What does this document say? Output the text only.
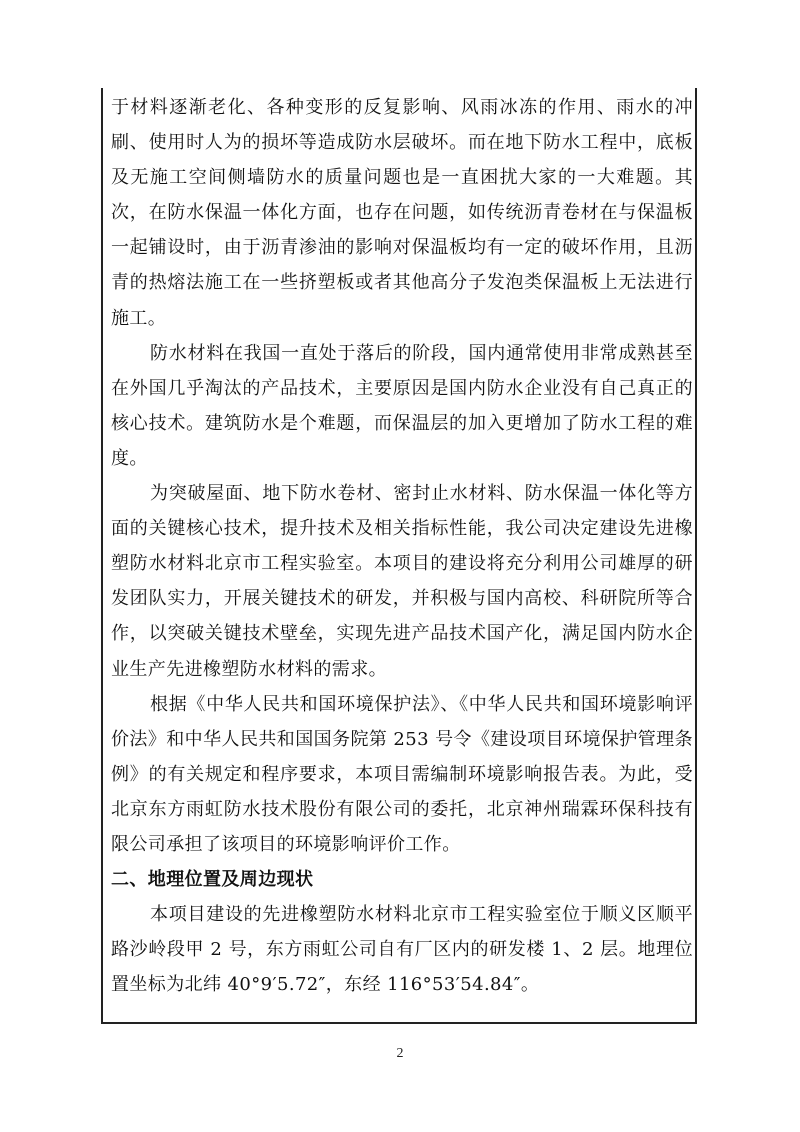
于材料逐渐老化、各种变形的反复影响、风雨冰冻的作用、雨水的冲刷、使用时人为的损坏等造成防水层破坏。而在地下防水工程中，底板及无施工空间侧墙防水的质量问题也是一直困扰大家的一大难题。其次，在防水保温一体化方面，也存在问题，如传统沥青卷材在与保温板一起铺设时，由于沥青渗油的影响对保温板均有一定的破坏作用，且沥青的热熔法施工在一些挤塑板或者其他高分子发泡类保温板上无法进行施工。

防水材料在我国一直处于落后的阶段，国内通常使用非常成熟甚至在外国几乎淘汰的产品技术，主要原因是国内防水企业没有自己真正的核心技术。建筑防水是个难题，而保温层的加入更增加了防水工程的难度。

为突破屋面、地下防水卷材、密封止水材料、防水保温一体化等方面的关键核心技术，提升技术及相关指标性能，我公司决定建设先进橡塑防水材料北京市工程实验室。本项目的建设将充分利用公司雄厚的研发团队实力，开展关键技术的研发，并积极与国内高校、科研院所等合作，以突破关键技术壁垒，实现先进产品技术国产化，满足国内防水企业生产先进橡塑防水材料的需求。

根据《中华人民共和国环境保护法》、《中华人民共和国环境影响评价法》和中华人民共和国国务院第 253 号令《建设项目环境保护管理条例》的有关规定和程序要求，本项目需编制环境影响报告表。为此，受北京东方雨虹防水技术股份有限公司的委托，北京神州瑞霖环保科技有限公司承担了该项目的环境影响评价工作。

二、地理位置及周边现状

本项目建设的先进橡塑防水材料北京市工程实验室位于顺义区顺平路沙岭段甲 2 号，东方雨虹公司自有厂区内的研发楼 1、2 层。地理位置坐标为北纬 40°9′5.72″，东经 116°53′54.84″。

2
